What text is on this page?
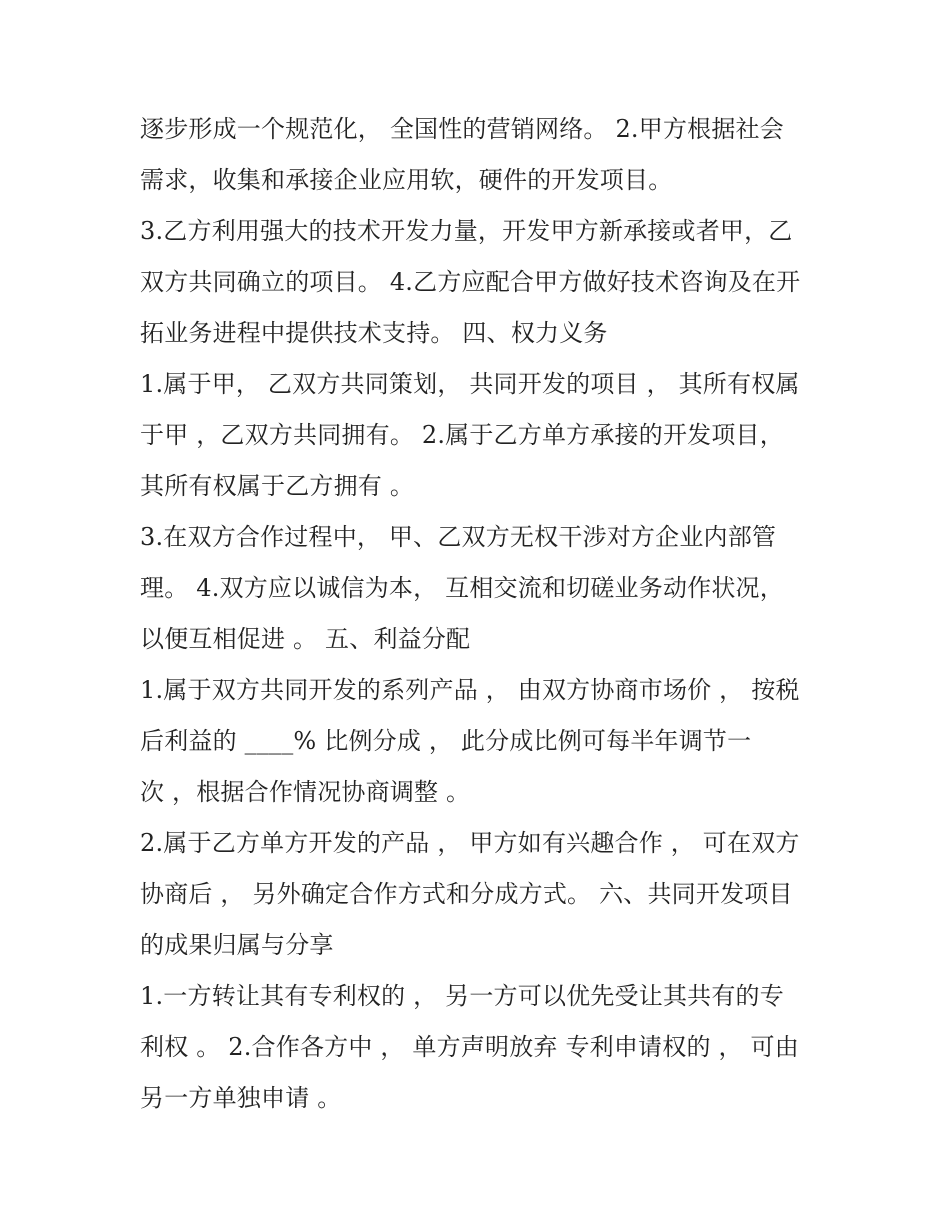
逐步形成一个规范化， 全国性的营销网络。 2.甲方根据社会
需求，收集和承接企业应用软，硬件的开发项目。
3.乙方利用强大的技术开发力量，开发甲方新承接或者甲，乙
双方共同确立的项目。 4.乙方应配合甲方做好技术咨询及在开
拓业务进程中提供技术支持。 四、权力义务
1.属于甲， 乙双方共同策划， 共同开发的项目 ， 其所有权属
于甲 ，乙双方共同拥有。 2.属于乙方单方承接的开发项目，
其所有权属于乙方拥有 。
3.在双方合作过程中， 甲、乙双方无权干涉对方企业内部管
理。 4.双方应以诚信为本， 互相交流和切磋业务动作状况，
以便互相促进 。 五、利益分配
1.属于双方共同开发的系列产品 ， 由双方协商市场价 ， 按税
后利益的 ____% 比例分成 ， 此分成比例可每半年调节一
次 ，根据合作情况协商调整 。
2.属于乙方单方开发的产品 ， 甲方如有兴趣合作 ， 可在双方
协商后 ， 另外确定合作方式和分成方式。 六、共同开发项目
的成果归属与分享
1.一方转让其有专利权的 ， 另一方可以优先受让其共有的专
利权 。 2.合作各方中 ， 单方声明放弃 专利申请权的 ， 可由
另一方单独申请 。
